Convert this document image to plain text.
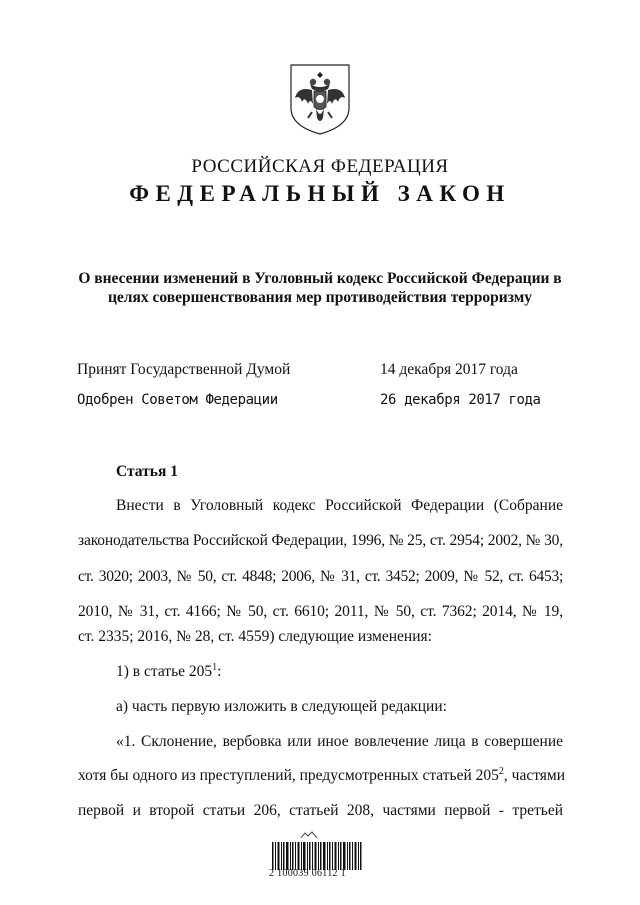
РОССИЙСКАЯ ФЕДЕРАЦИЯ
ФЕДЕРАЛЬНЫЙ ЗАКОН
О внесении изменений в Уголовный кодекс Российской Федерации в
целях совершенствования мер противодействия терроризму
Принят Государственной Думой	14 декабря 2017 года
Одобрен Советом Федерации	26 декабря 2017 года
Статья 1
Внести в Уголовный кодекс Российской Федерации (Собрание
законодательства Российской Федерации, 1996, № 25, ст. 2954; 2002, № 30,
ст. 3020; 2003, № 50, ст. 4848; 2006, № 31, ст. 3452; 2009, № 52, ст. 6453;
2010, № 31, ст. 4166; № 50, ст. 6610; 2011, № 50, ст. 7362; 2014, № 19,
ст. 2335; 2016, № 28, ст. 4559) следующие изменения:
1) в статье $205^1$:
а) часть первую изложить в следующей редакции:
«1. Склонение, вербовка или иное вовлечение лица в совершение
хотя бы одного из преступлений, предусмотренных статьей $205^2$, частями
первой и второй статьи 206, статьей 208, частями первой - третьей
2 100039 06112 1
